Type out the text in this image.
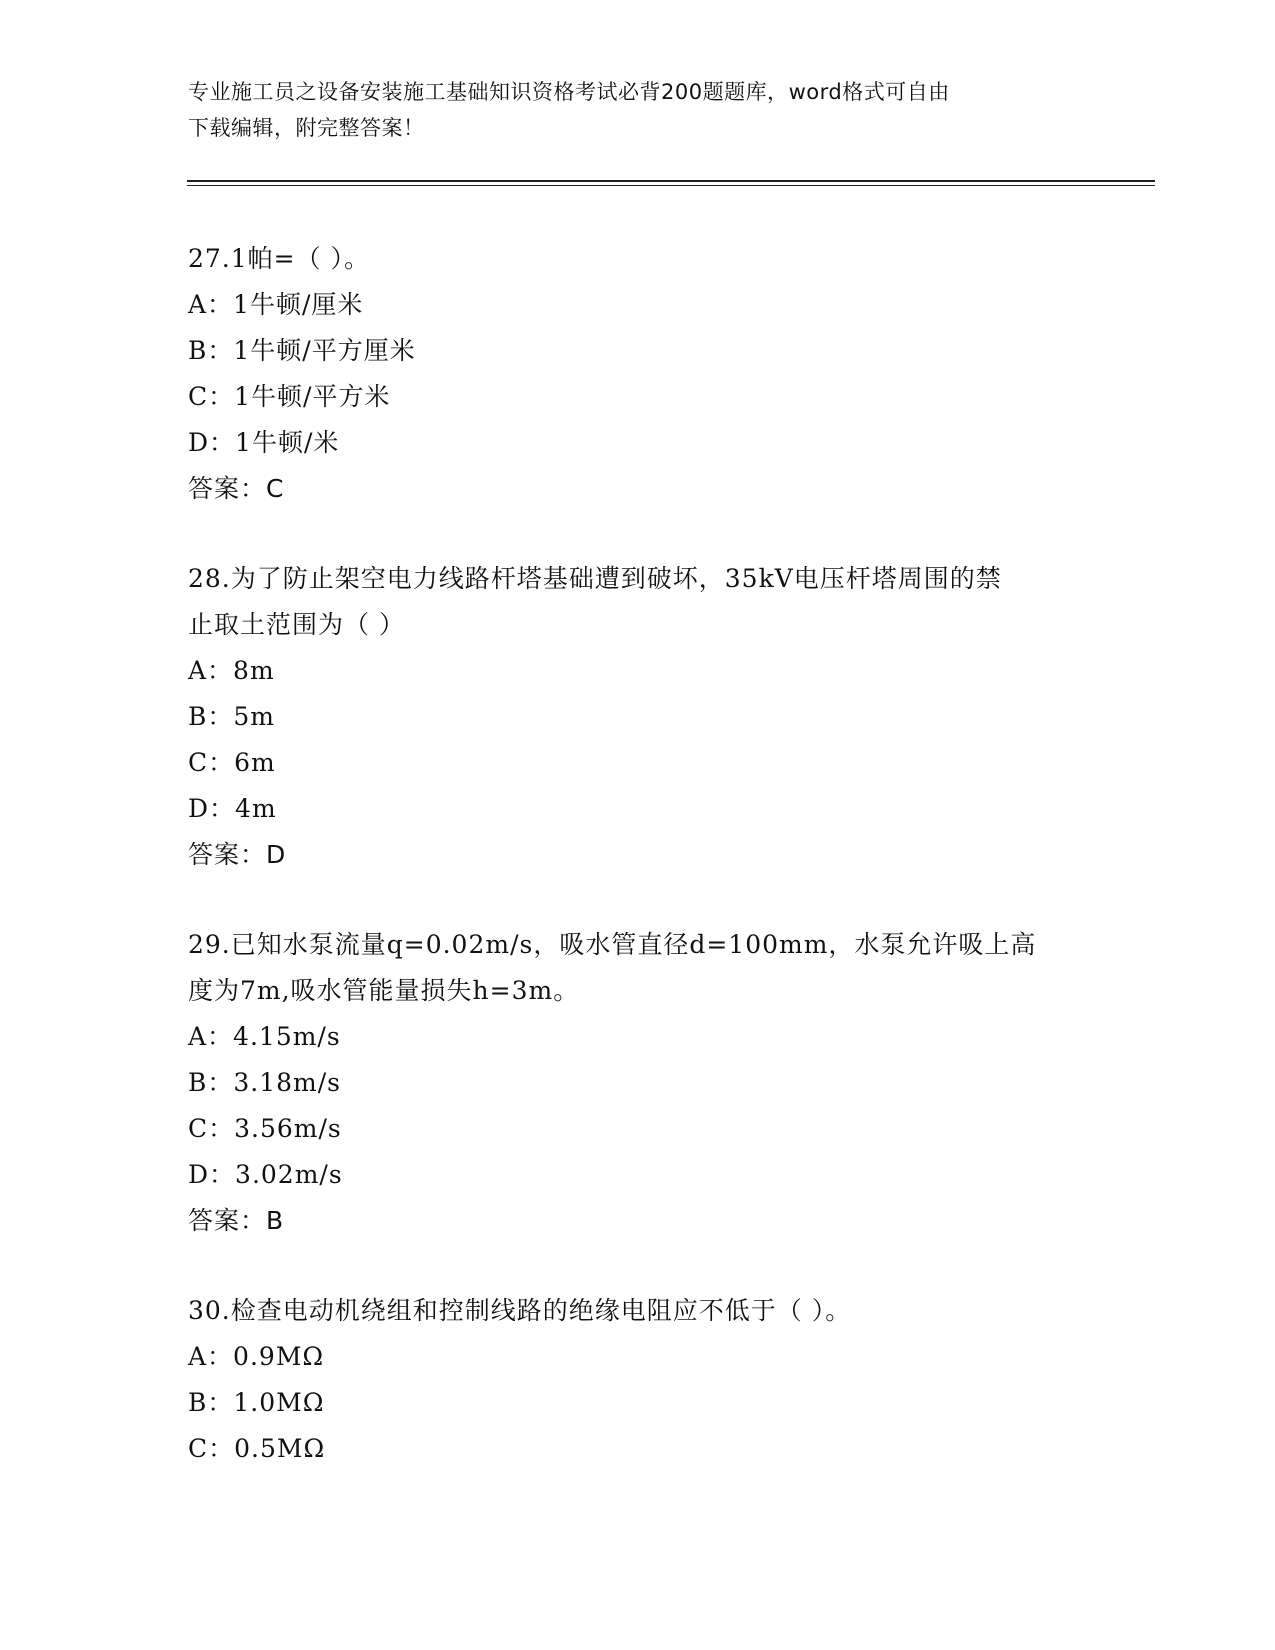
专业施工员之设备安装施工基础知识资格考试必背200题题库，word格式可自由
下载编辑，附完整答案！
27.1帕=（ ）。
A：1牛顿/厘米
B：1牛顿/平方厘米
C：1牛顿/平方米
D：1牛顿/米
答案：C
28.为了防止架空电力线路杆塔基础遭到破坏，35kV电压杆塔周围的禁
止取土范围为（ ）
A：8m
B：5m
C：6m
D：4m
答案：D
29.已知水泵流量q=0.02m/s，吸水管直径d=100mm，水泵允许吸上高
度为7m,吸水管能量损失h=3m。
A：4.15m/s
B：3.18m/s
C：3.56m/s
D：3.02m/s
答案：B
30.检查电动机绕组和控制线路的绝缘电阻应不低于（ ）。
A：0.9MΩ
B：1.0MΩ
C：0.5MΩ
